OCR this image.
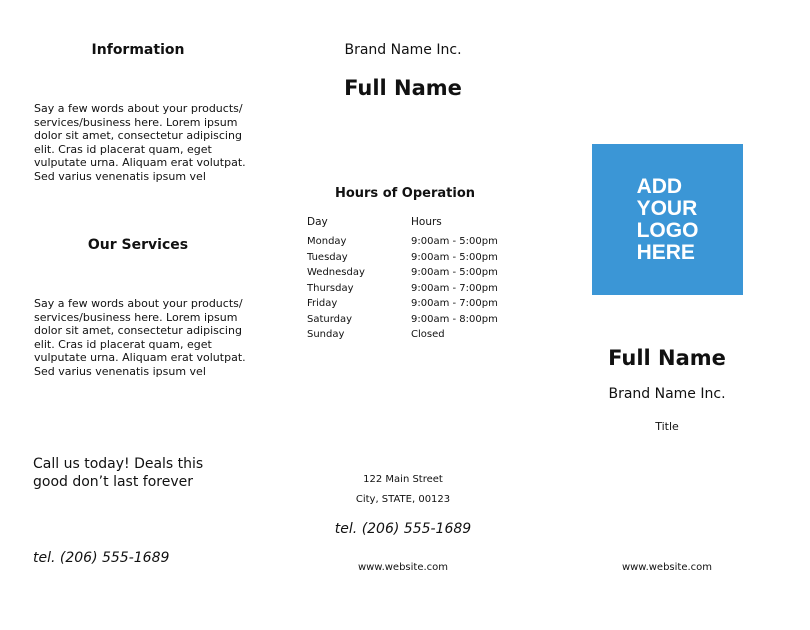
Information
Say a few words about your products/ services/business here. Lorem ipsum dolor sit amet, consectetur adipiscing elit. Cras id placerat quam, eget vulputate urna. Aliquam erat volutpat. Sed varius venenatis ipsum vel
Our Services
Say a few words about your products/ services/business here. Lorem ipsum dolor sit amet, consectetur adipiscing elit. Cras id placerat quam, eget vulputate urna. Aliquam erat volutpat. Sed varius venenatis ipsum vel
Call us today! Deals this
good don’t last forever
tel. (206) 555-1689
Brand Name Inc.
Full Name
Hours of Operation
Day	Hours
Monday	9:00am - 5:00pm
Tuesday	9:00am - 5:00pm
Wednesday	9:00am - 5:00pm
Thursday	9:00am - 7:00pm
Friday	9:00am - 7:00pm
Saturday	9:00am - 8:00pm
Sunday	Closed
122 Main Street
City, STATE, 00123
tel. (206) 555-1689
www.website.com
ADD
YOUR
LOGO
HERE
Full Name
Brand Name Inc.
Title
www.website.com
